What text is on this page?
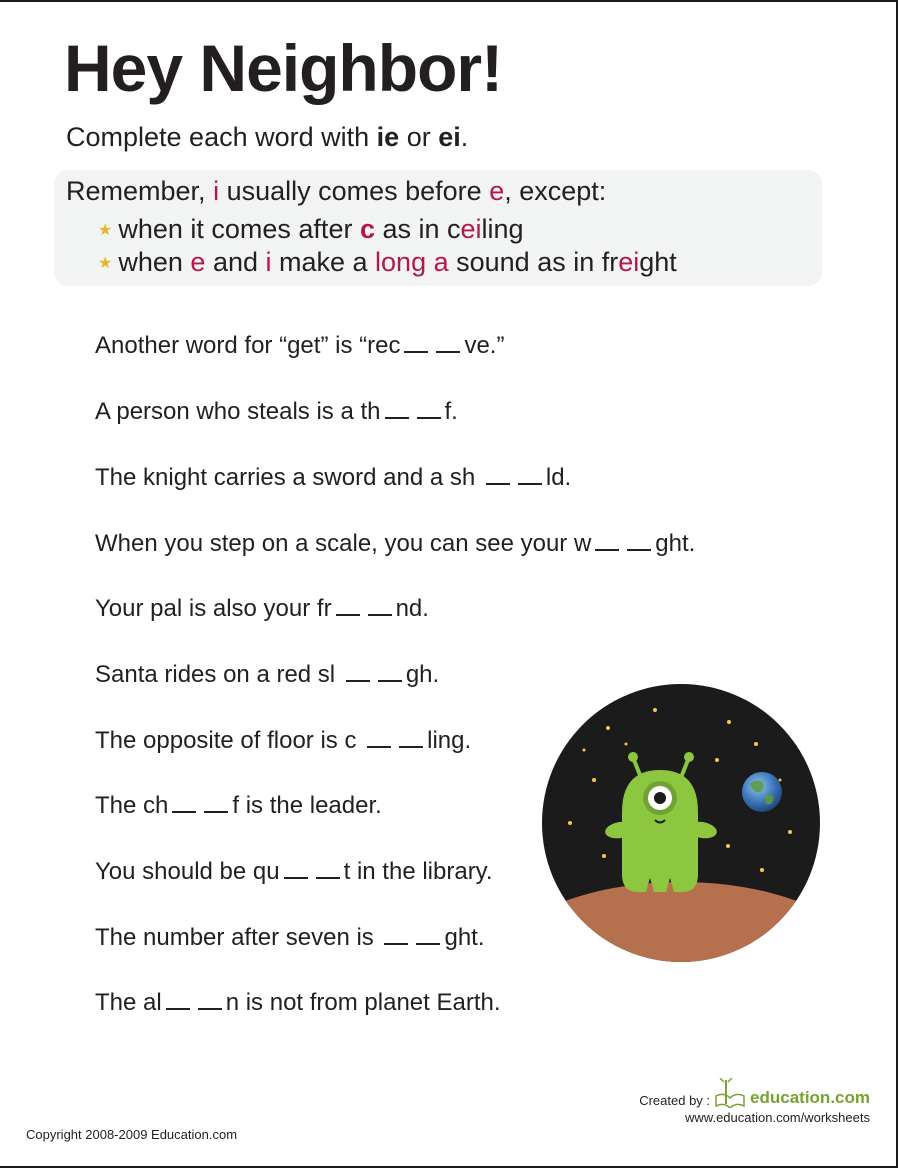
Hey Neighbor!
Complete each word with ie or ei.
Remember, i usually comes before e, except:
★ when it comes after c as in ceiling
★ when e and i make a long a sound as in freight
Another word for “get” is “rec	ve.”
A person who steals is a th	f.
The knight carries a sword and a sh	ld.
When you step on a scale, you can see your w	ght.
Your pal is also your fr	nd.
Santa rides on a red sl	gh.
The opposite of floor is c	ling.
The ch	f is the leader.
You should be qu	t in the library.
The number after seven is	ght.
The al	n is not from planet Earth.
Copyright 2008-2009 Education.com
Created by : education.com
www.education.com/worksheets
